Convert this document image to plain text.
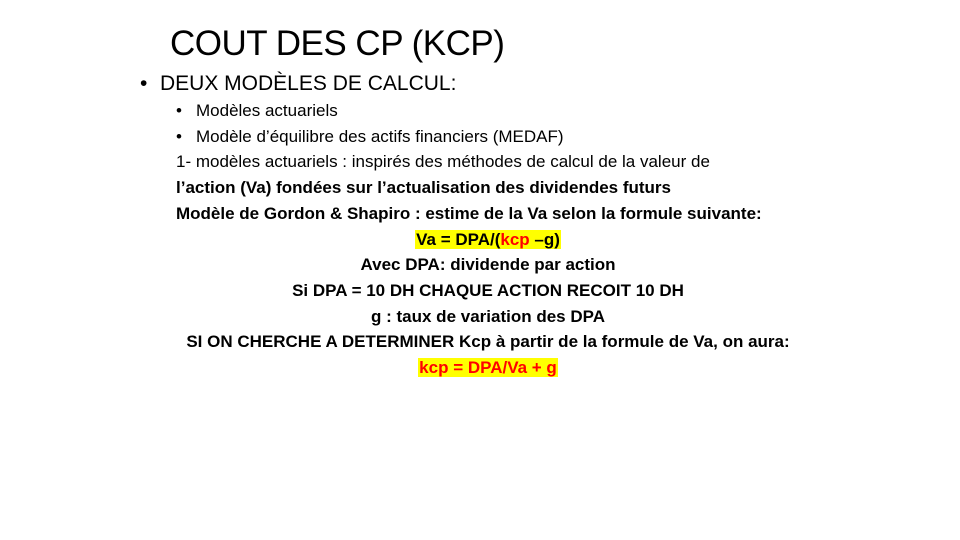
COUT DES CP (KCP)
• DEUX MODÈLES DE CALCUL:
• Modèles actuariels
• Modèle d’équilibre des actifs financiers (MEDAF)
1- modèles actuariels : inspirés des méthodes de calcul de la valeur de
l’action (Va) fondées sur l’actualisation des dividendes futurs
Modèle de Gordon & Shapiro : estime de la Va selon la formule suivante:
Va = DPA/(kcp –g)
Avec DPA: dividende par action
Si DPA = 10 DH CHAQUE ACTION RECOIT 10 DH
g : taux de variation des DPA
SI ON CHERCHE A DETERMINER Kcp à partir de la formule de Va, on aura:
kcp = DPA/Va + g
